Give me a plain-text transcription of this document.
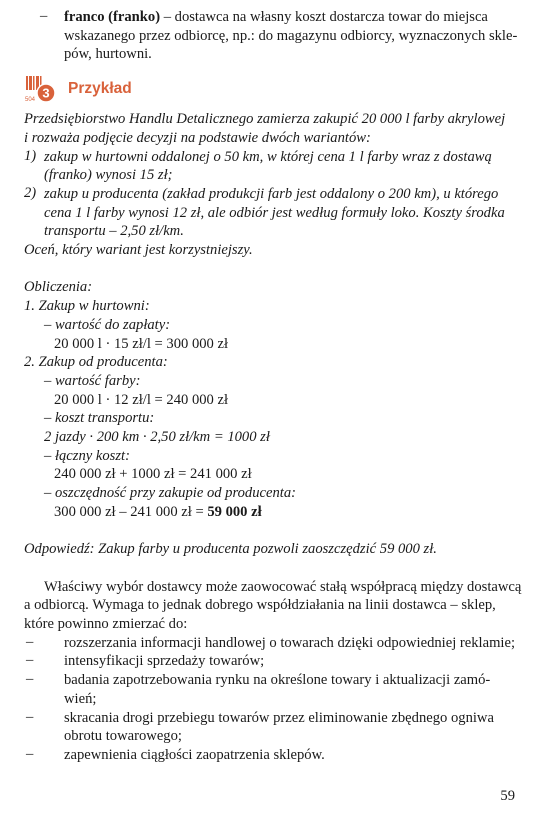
–	franco (franko) – dostawca na własny koszt dostarcza towar do miejsca
wskazanego przez odbiorcę, np.: do magazynu odbiorcy, wyznaczonych skle-
pów, hurtowni.
3
504
Przykład
Przedsiębiorstwo Handlu Detalicznego zamierza zakupić 20 000 l farby akrylowej
i rozważa podjęcie decyzji na podstawie dwóch wariantów:
1) zakup w hurtowni oddalonej o 50 km, w której cena 1 l farby wraz z dostawą
(franko) wynosi 15 zł;
2) zakup u producenta (zakład produkcji farb jest oddalony o 200 km), u którego
cena 1 l farby wynosi 12 zł, ale odbiór jest według formuły loko. Koszty środka
transportu – 2,50 zł/km.
Oceń, który wariant jest korzystniejszy.
Obliczenia:
1. Zakup w hurtowni:
– wartość do zapłaty:
20 000 l · 15 zł/l = 300 000 zł
2. Zakup od producenta:
– wartość farby:
20 000 l · 12 zł/l = 240 000 zł
– koszt transportu:
2 jazdy · 200 km · 2,50 zł/km = 1000 zł
– łączny koszt:
240 000 zł + 1000 zł = 241 000 zł
– oszczędność przy zakupie od producenta:
300 000 zł – 241 000 zł = 59 000 zł
Odpowiedź: Zakup farby u producenta pozwoli zaoszczędzić 59 000 zł.
Właściwy wybór dostawcy może zaowocować stałą współpracą między dostawcą
a odbiorcą. Wymaga to jednak dobrego współdziałania na linii dostawca – sklep,
które powinno zmierzać do:
–	rozszerzania informacji handlowej o towarach dzięki odpowiedniej reklamie;
–	intensyfikacji sprzedaży towarów;
–	badania zapotrzebowania rynku na określone towary i aktualizacji zamó-
wień;
–	skracania drogi przebiegu towarów przez eliminowanie zbędnego ogniwa
obrotu towarowego;
–	zapewnienia ciągłości zaopatrzenia sklepów.
59
